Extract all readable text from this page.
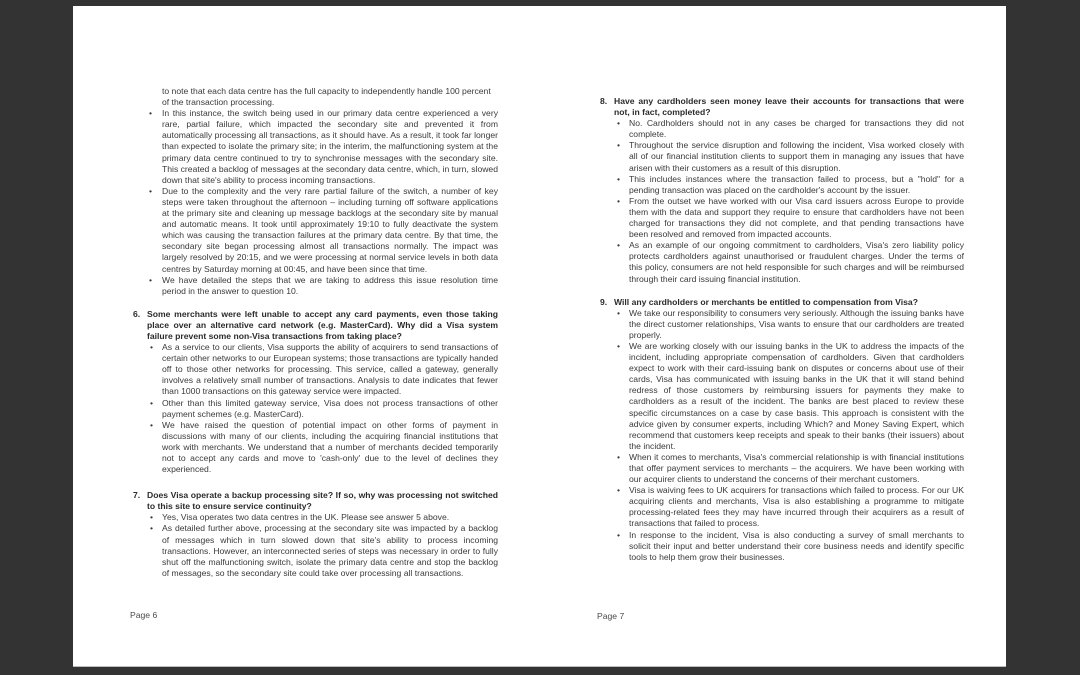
to note that each data centre has the full capacity to independently handle 100 percent of the transaction processing.
• In this instance, the switch being used in our primary data centre experienced a very rare, partial failure, which impacted the secondary site and prevented it from automatically processing all transactions, as it should have. As a result, it took far longer than expected to isolate the primary site; in the interim, the malfunctioning system at the primary data centre continued to try to synchronise messages with the secondary site. This created a backlog of messages at the secondary data centre, which, in turn, slowed down that site's ability to process incoming transactions.
• Due to the complexity and the very rare partial failure of the switch, a number of key steps were taken throughout the afternoon – including turning off software applications at the primary site and cleaning up message backlogs at the secondary site by manual and automatic means. It took until approximately 19:10 to fully deactivate the system which was causing the transaction failures at the primary data centre. By that time, the secondary site began processing almost all transactions normally. The impact was largely resolved by 20:15, and we were processing at normal service levels in both data centres by Saturday morning at 00:45, and have been since that time.
• We have detailed the steps that we are taking to address this issue resolution time period in the answer to question 10.
6. Some merchants were left unable to accept any card payments, even those taking place over an alternative card network (e.g. MasterCard). Why did a Visa system failure prevent some non-Visa transactions from taking place?
• As a service to our clients, Visa supports the ability of acquirers to send transactions of certain other networks to our European systems; those transactions are typically handed off to those other networks for processing. This service, called a gateway, generally involves a relatively small number of transactions. Analysis to date indicates that fewer than 1000 transactions on this gateway service were impacted.
• Other than this limited gateway service, Visa does not process transactions of other payment schemes (e.g. MasterCard).
• We have raised the question of potential impact on other forms of payment in discussions with many of our clients, including the acquiring financial institutions that work with merchants. We understand that a number of merchants decided temporarily not to accept any cards and move to 'cash-only' due to the level of declines they experienced.
7. Does Visa operate a backup processing site? If so, why was processing not switched to this site to ensure service continuity?
• Yes, Visa operates two data centres in the UK. Please see answer 5 above.
• As detailed further above, processing at the secondary site was impacted by a backlog of messages which in turn slowed down that site's ability to process incoming transactions. However, an interconnected series of steps was necessary in order to fully shut off the malfunctioning switch, isolate the primary data centre and stop the backlog of messages, so the secondary site could take over processing all transactions.
Page 6
8. Have any cardholders seen money leave their accounts for transactions that were not, in fact, completed?
• No. Cardholders should not in any cases be charged for transactions they did not complete.
• Throughout the service disruption and following the incident, Visa worked closely with all of our financial institution clients to support them in managing any issues that have arisen with their customers as a result of this disruption.
• This includes instances where the transaction failed to process, but a "hold" for a pending transaction was placed on the cardholder's account by the issuer.
• From the outset we have worked with our Visa card issuers across Europe to provide them with the data and support they require to ensure that cardholders have not been charged for transactions they did not complete, and that pending transactions have been resolved and removed from impacted accounts.
• As an example of our ongoing commitment to cardholders, Visa's zero liability policy protects cardholders against unauthorised or fraudulent charges. Under the terms of this policy, consumers are not held responsible for such charges and will be reimbursed through their card issuing financial institution.
9. Will any cardholders or merchants be entitled to compensation from Visa?
• We take our responsibility to consumers very seriously. Although the issuing banks have the direct customer relationships, Visa wants to ensure that our cardholders are treated properly.
• We are working closely with our issuing banks in the UK to address the impacts of the incident, including appropriate compensation of cardholders. Given that cardholders expect to work with their card-issuing bank on disputes or concerns about use of their cards, Visa has communicated with issuing banks in the UK that it will stand behind redress of those customers by reimbursing issuers for payments they make to cardholders as a result of the incident. The banks are best placed to review these specific circumstances on a case by case basis. This approach is consistent with the advice given by consumer experts, including Which? and Money Saving Expert, which recommend that customers keep receipts and speak to their banks (their issuers) about the incident.
• When it comes to merchants, Visa's commercial relationship is with financial institutions that offer payment services to merchants – the acquirers. We have been working with our acquirer clients to understand the concerns of their merchant customers.
• Visa is waiving fees to UK acquirers for transactions which failed to process. For our UK acquiring clients and merchants, Visa is also establishing a programme to mitigate processing-related fees they may have incurred through their acquirers as a result of transactions that failed to process.
• In response to the incident, Visa is also conducting a survey of small merchants to solicit their input and better understand their core business needs and identify specific tools to help them grow their businesses.
Page 7
